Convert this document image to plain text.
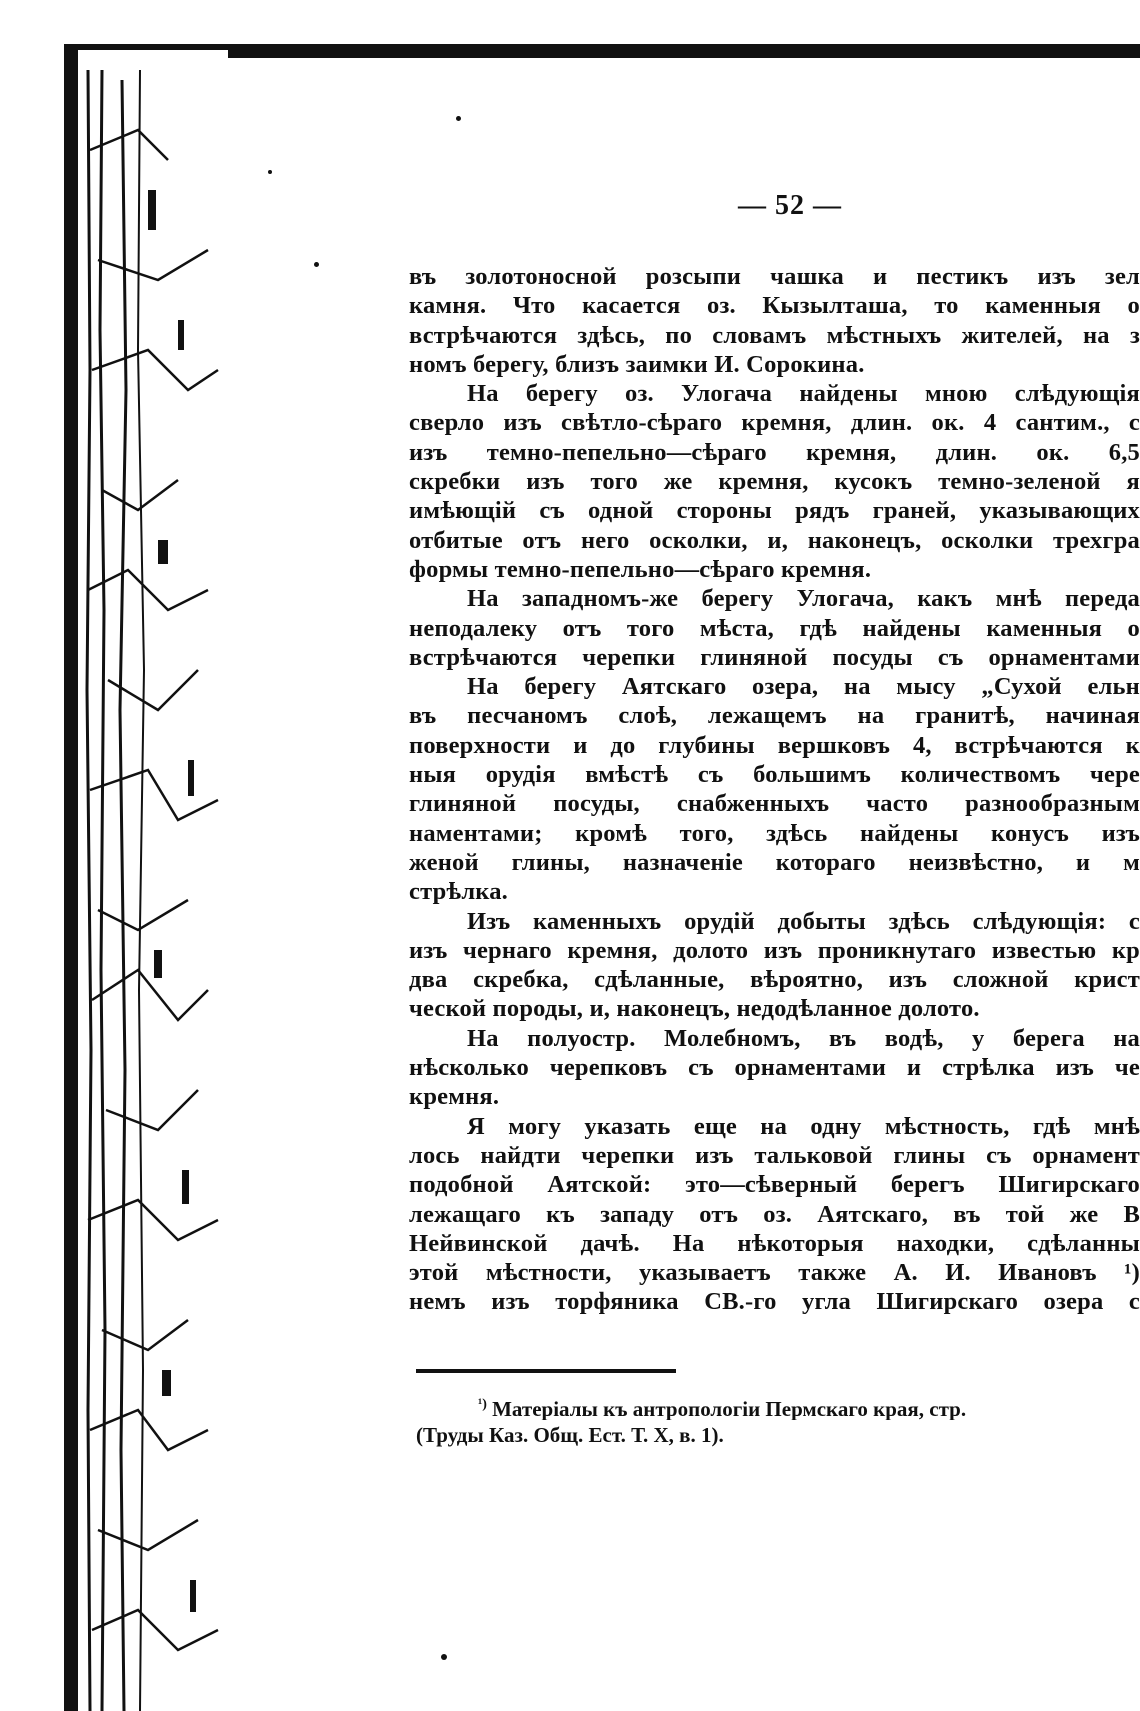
— 52 —
въ золотоносной розсыпи чашка и пестикъ изъ зел
камня. Что касается оз. Кызылташа, то каменныя о
встрѣчаются здѣсь, по словамъ мѣстныхъ жителей, на з
номъ берегу, близъ заимки И. Сорокина.
На берегу оз. Улогача найдены мною слѣдующія
сверло изъ свѣтло-сѣраго кремня, длин. ок. 4 сантим., с
изъ темно-пепельно—сѣраго кремня, длин. ок. 6,5
скребки изъ того же кремня, кусокъ темно-зеленой я
имѣющій съ одной стороны рядъ граней, указывающих
отбитые отъ него осколки, и, наконецъ, осколки трехгра
формы темно-пепельно—сѣраго кремня.
На западномъ-же берегу Улогача, какъ мнѣ переда
неподалеку отъ того мѣста, гдѣ найдены каменныя о
встрѣчаются черепки глиняной посуды съ орнаментами
На берегу Аятскаго озера, на мысу „Сухой ельн
въ песчаномъ слоѣ, лежащемъ на гранитѣ, начиная
поверхности и до глубины вершковъ 4, встрѣчаются к
ныя орудія вмѣстѣ съ большимъ количествомъ чере
глиняной посуды, снабженныхъ часто разнообразным
наментами; кромѣ того, здѣсь найдены конусъ изъ
женой глины, назначеніе котораго неизвѣстно, и м
стрѣлка.
Изъ каменныхъ орудій добыты здѣсь слѣдующія: с
изъ чернаго кремня, долото изъ проникнутаго известью кр
два скребка, сдѣланные, вѣроятно, изъ сложной крист
ческой породы, и, наконецъ, недодѣланное долото.
На полуостр. Молебномъ, въ водѣ, у берега на
нѣсколько черепковъ съ орнаментами и стрѣлка изъ че
кремня.
Я могу указать еще на одну мѣстность, гдѣ мнѣ
лось найдти черепки изъ тальковой глины съ орнамент
подобной Аятской: это—сѣверный берегъ Шигирскаго
лежащаго къ западу отъ оз. Аятскаго, въ той же В
Нейвинской дачѣ. На нѣкоторыя находки, сдѣланны
этой мѣстности, указываетъ также А. И. Ивановъ ¹)
немъ изъ торфяника СВ.-го угла Шигирскаго озера с
$^{^1)}$ Матеріалы къ антропологіи Пермскаго края, стр.
(Труды Каз. Общ. Ест. Т. X, в. 1).
